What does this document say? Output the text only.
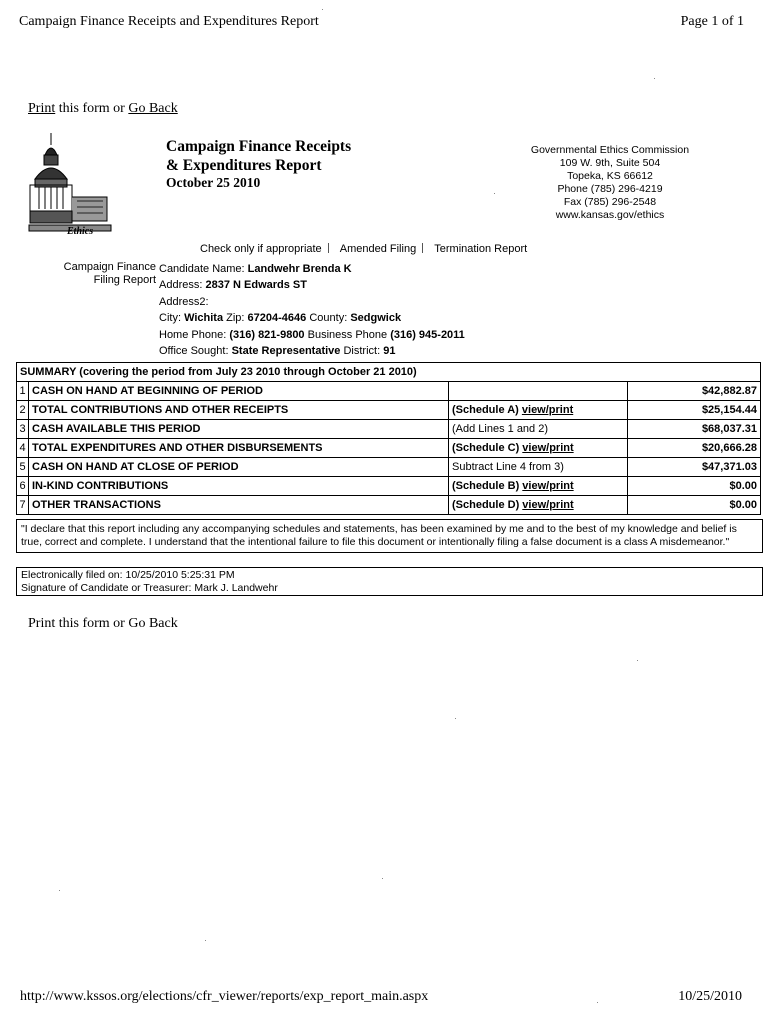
Campaign Finance Receipts and Expenditures Report	Page 1 of 1
Print this form or Go Back
Ethics
Campaign Finance Receipts
& Expenditures Report
October 25 2010
Governmental Ethics Commission
109 W. 9th, Suite 504
Topeka, KS 66612
Phone (785) 296-4219
Fax (785) 296-2548
www.kansas.gov/ethics
Check only if appropriate Amended Filing Termination Report
Campaign Finance
Filing Report
Candidate Name: Landwehr Brenda K
Address: 2837 N Edwards ST
Address2:
City: Wichita Zip: 67204-4646 County: Sedgwick
Home Phone: (316) 821-9800 Business Phone (316) 945-2011
Office Sought: State Representative District: 91
SUMMARY (covering the period from July 23 2010 through October 21 2010)			
1	CASH ON HAND AT BEGINNING OF PERIOD		$42,882.87
2	TOTAL CONTRIBUTIONS AND OTHER RECEIPTS	(Schedule A) view/print	$25,154.44
3	CASH AVAILABLE THIS PERIOD	(Add Lines 1 and 2)	$68,037.31
4	TOTAL EXPENDITURES AND OTHER DISBURSEMENTS	(Schedule C) view/print	$20,666.28
5	CASH ON HAND AT CLOSE OF PERIOD	Subtract Line 4 from 3)	$47,371.03
6	IN-KIND CONTRIBUTIONS	(Schedule B) view/print	$0.00
7	OTHER TRANSACTIONS	(Schedule D) view/print	$0.00
"I declare that this report including any accompanying schedules and statements, has been examined by me and to the best of my knowledge and belief is true, correct and complete. I understand that the intentional failure to file this document or intentionally filing a false document is a class A misdemeanor."
Electronically filed on: 10/25/2010 5:25:31 PM
Signature of Candidate or Treasurer: Mark J. Landwehr
Print this form or Go Back
http://www.kssos.org/elections/cfr_viewer/reports/exp_report_main.aspx	10/25/2010
